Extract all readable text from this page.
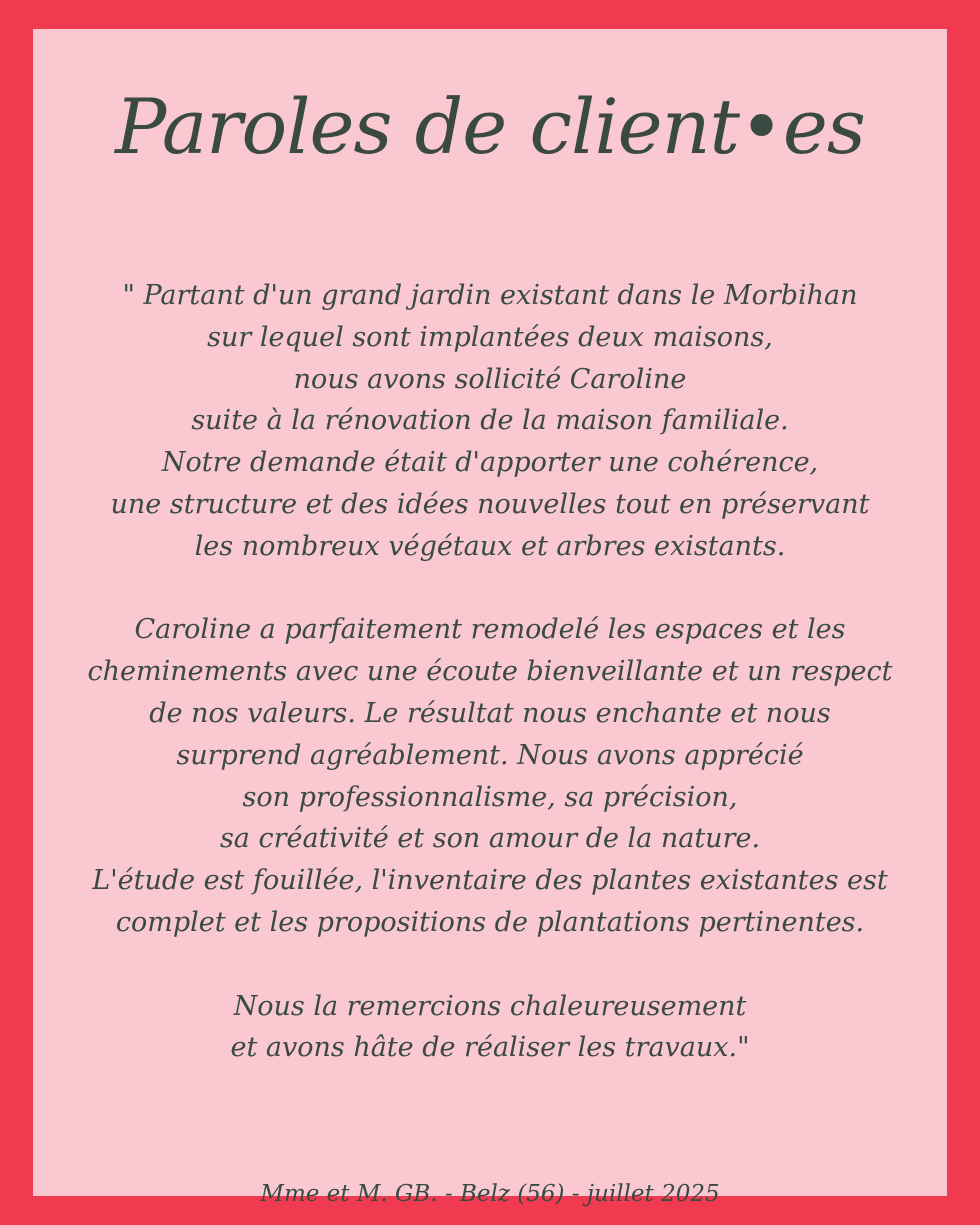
Paroles de client•es
" Partant d'un grand jardin existant dans le Morbihan
sur lequel sont implantées deux maisons,
nous avons sollicité Caroline
suite à la rénovation de la maison familiale.
Notre demande était d'apporter une cohérence,
une structure et des idées nouvelles tout en préservant
les nombreux végétaux et arbres existants.
Caroline a parfaitement remodelé les espaces et les
cheminements avec une écoute bienveillante et un respect
de nos valeurs. Le résultat nous enchante et nous
surprend agréablement. Nous avons apprécié
son professionnalisme, sa précision,
sa créativité et son amour de la nature.
L'étude est fouillée, l'inventaire des plantes existantes est
complet et les propositions de plantations pertinentes.
Nous la remercions chaleureusement
et avons hâte de réaliser les travaux."
Mme et M. GB. - Belz (56) - juillet 2025
